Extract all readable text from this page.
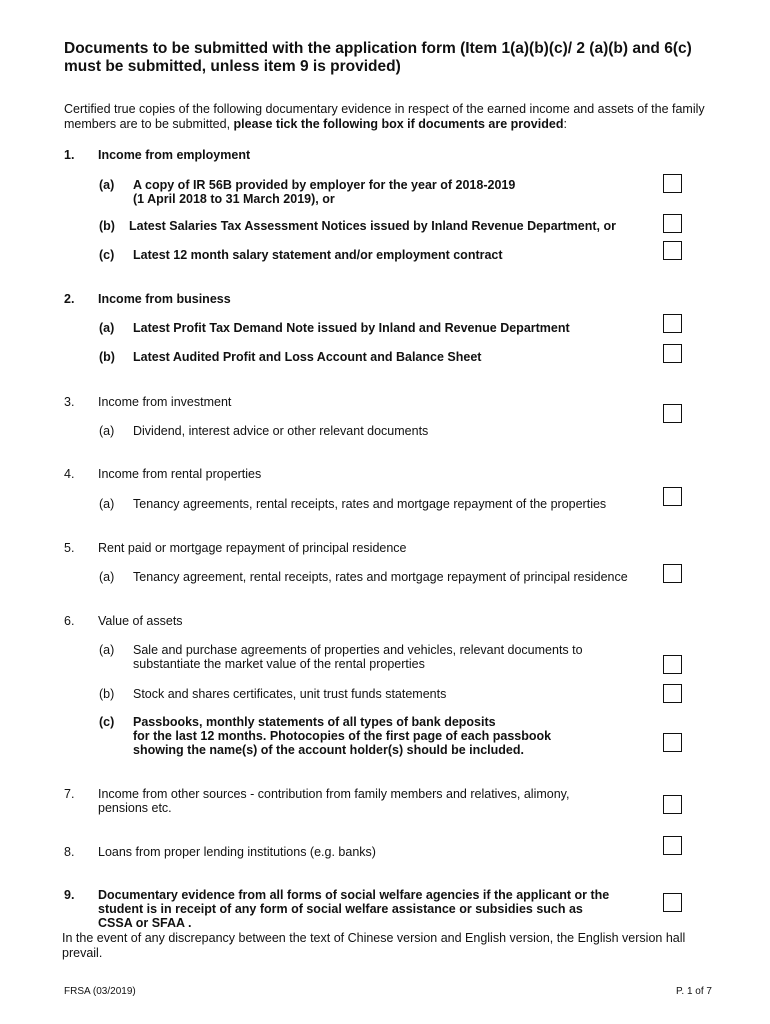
Documents to be submitted with the application form (Item 1(a)(b)(c)/ 2 (a)(b) and 6(c) must be submitted, unless item 9 is provided)
Certified true copies of the following documentary evidence in respect of the earned income and assets of the family members are to be submitted, please tick the following box if documents are provided:
1. Income from employment
(a) A copy of IR 56B provided by employer for the year of 2018-2019
(1 April 2018 to 31 March 2019), or
(b) Latest Salaries Tax Assessment Notices issued by Inland Revenue Department, or
(c) Latest 12 month salary statement and/or employment contract
2. Income from business
(a) Latest Profit Tax Demand Note issued by Inland and Revenue Department
(b) Latest Audited Profit and Loss Account and Balance Sheet
3. Income from investment
(a) Dividend, interest advice or other relevant documents
4. Income from rental properties
(a) Tenancy agreements, rental receipts, rates and mortgage repayment of the properties
5. Rent paid or mortgage repayment of principal residence
(a) Tenancy agreement, rental receipts, rates and mortgage repayment of principal residence
6. Value of assets
(a) Sale and purchase agreements of properties and vehicles, relevant documents to
substantiate the market value of the rental properties
(b) Stock and shares certificates, unit trust funds statements
(c) Passbooks, monthly statements of all types of bank deposits
for the last 12 months. Photocopies of the first page of each passbook
showing the name(s) of the account holder(s) should be included.
7. Income from other sources - contribution from family members and relatives, alimony,
pensions etc.
8. Loans from proper lending institutions (e.g. banks)
9. Documentary evidence from all forms of social welfare agencies if the applicant or the
student is in receipt of any form of social welfare assistance or subsidies such as
CSSA or SFAA .
In the event of any discrepancy between the text of Chinese version and English version, the English version hall prevail.
FRSA (03/2019)	P. 1 of 7
